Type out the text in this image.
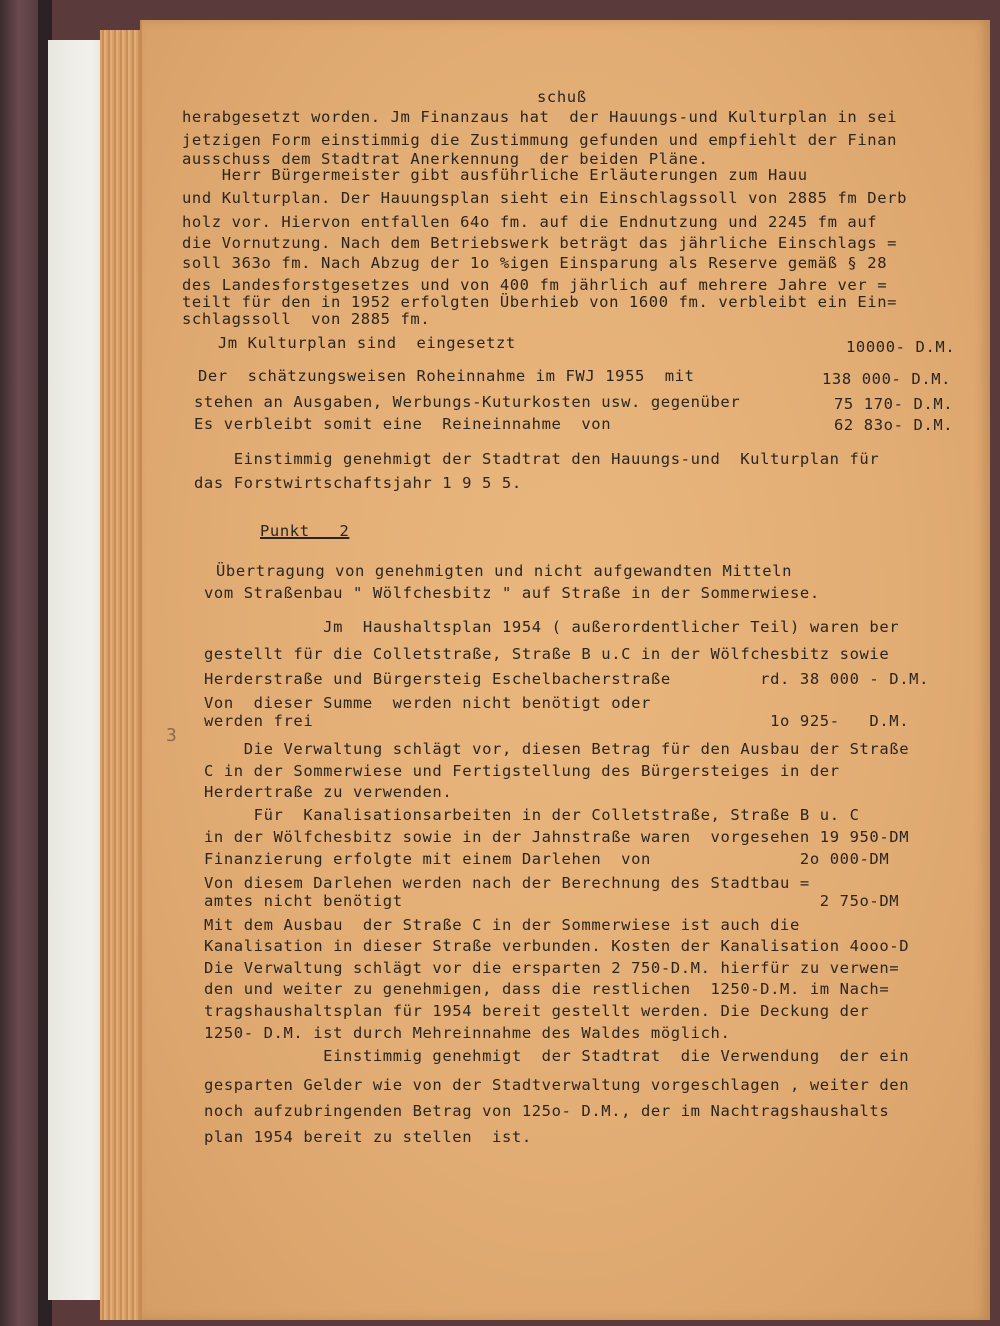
schuß
herabgesetzt worden. Jm Finanzaus hat  der Hauungs-und Kulturplan in sei
jetzigen Form einstimmig die Zustimmung gefunden und empfiehlt der Finan
ausschuss dem Stadtrat Anerkennung  der beiden Pläne.
Herr Bürgermeister gibt ausführliche Erläuterungen zum Hauu
und Kulturplan. Der Hauungsplan sieht ein Einschlagssoll von 2885 fm Derb
holz vor. Hiervon entfallen 64o fm. auf die Endnutzung und 2245 fm auf
die Vornutzung. Nach dem Betriebswerk beträgt das jährliche Einschlags =
soll 363o fm. Nach Abzug der 1o %igen Einsparung als Reserve gemäß § 28
des Landesforstgesetzes und von 400 fm jährlich auf mehrere Jahre ver =
teilt für den in 1952 erfolgten Überhieb von 1600 fm. verbleibt ein Ein=
schlagssoll  von 2885 fm.
Jm Kulturplan sind  eingesetzt	10000- D.M.
Der  schätzungsweisen Roheinnahme im FWJ 1955  mit	138 000- D.M.
stehen an Ausgaben, Werbungs-Kuturkosten usw. gegenüber	75 170- D.M.
Es verbleibt somit eine  Reineinnahme  von	62 83o- D.M.
Einstimmig genehmigt der Stadtrat den Hauungs-und  Kulturplan für
das Forstwirtschaftsjahr 1 9 5 5.
Punkt   2
Übertragung von genehmigten und nicht aufgewandten Mitteln
vom Straßenbau " Wölfchesbitz " auf Straße in der Sommerwiese.
Jm  Haushaltsplan 1954 ( außerordentlicher Teil) waren ber
gestellt für die Colletstraße, Straße B u.C in der Wölfchesbitz sowie
Herderstraße und Bürgersteig Eschelbacherstraße         rd. 38 000 - D.M.
Von  dieser Summe  werden nicht benötigt oder
werden frei                                              1o 925-   D.M.
Die Verwaltung schlägt vor, diesen Betrag für den Ausbau der Straße
C in der Sommerwiese und Fertigstellung des Bürgersteiges in der
Herdertraße zu verwenden.
Für  Kanalisationsarbeiten in der Colletstraße, Straße B u. C
in der Wölfchesbitz sowie in der Jahnstraße waren  vorgesehen 19 950-DM
Finanzierung erfolgte mit einem Darlehen  von               2o 000-DM
Von diesem Darlehen werden nach der Berechnung des Stadtbau =
amtes nicht benötigt                                          2 75o-DM
Mit dem Ausbau  der Straße C in der Sommerwiese ist auch die
Kanalisation in dieser Straße verbunden. Kosten der Kanalisation 4ooo-D
Die Verwaltung schlägt vor die ersparten 2 750-D.M. hierfür zu verwen=
den und weiter zu genehmigen, dass die restlichen  1250-D.M. im Nach=
tragshaushaltsplan für 1954 bereit gestellt werden. Die Deckung der
1250- D.M. ist durch Mehreinnahme des Waldes möglich.
Einstimmig genehmigt  der Stadtrat  die Verwendung  der ein
gesparten Gelder wie von der Stadtverwaltung vorgeschlagen , weiter den
noch aufzubringenden Betrag von 125o- D.M., der im Nachtragshaushalts
plan 1954 bereit zu stellen  ist.
3
